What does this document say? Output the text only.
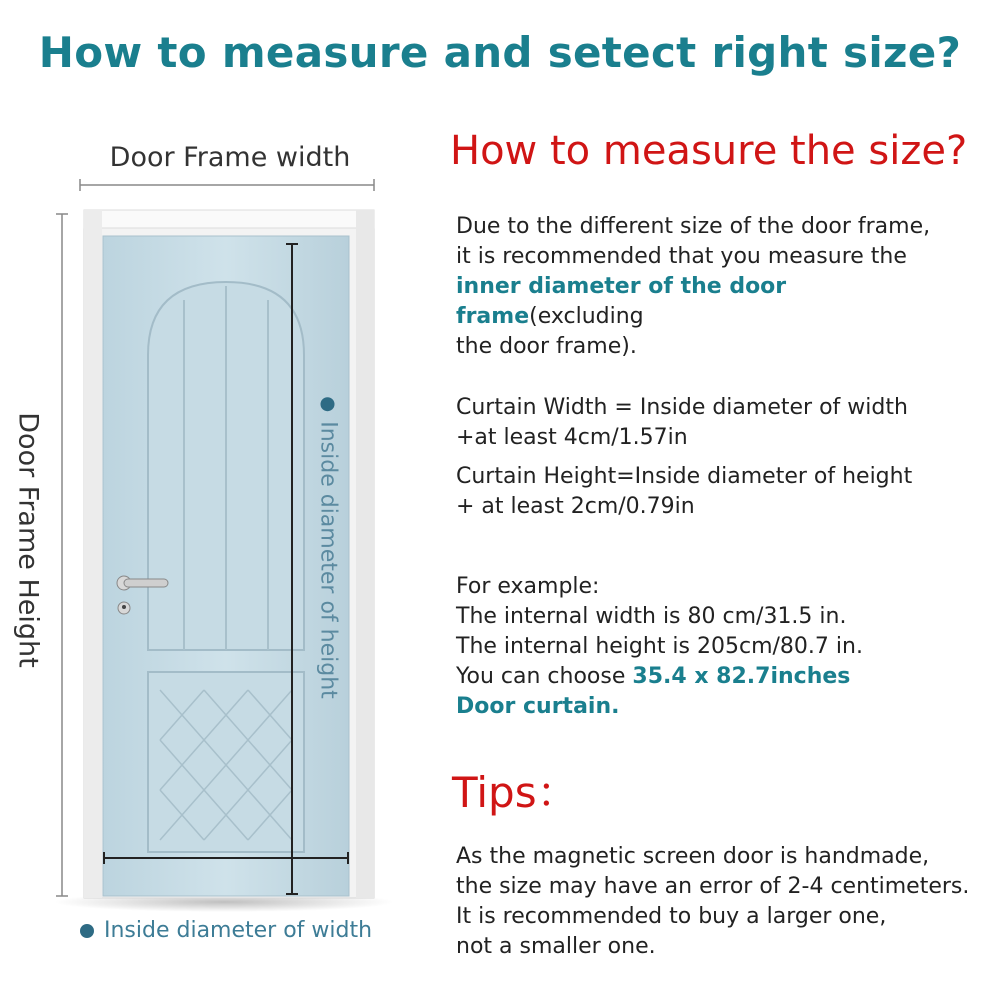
How to measure and setect right size?
Door Frame width
Door Frame Height	Inside diameter of height
Inside diameter of width
How to measure the size?
Due to the different size of the door frame,
it is recommended that you measure the
inner diameter of the door frame(excluding
the door frame).
Curtain Width = Inside diameter of width
+at least 4cm/1.57in
Curtain Height=Inside diameter of height
+ at least 2cm/0.79in
For example:
The internal width is 80 cm/31.5 in.
The internal height is 205cm/80.7 in.
You can choose 35.4 x 82.7inches
Door curtain.
Tips：
As the magnetic screen door is handmade,
the size may have an error of 2-4 centimeters.
It is recommended to buy a larger one,
not a smaller one.
